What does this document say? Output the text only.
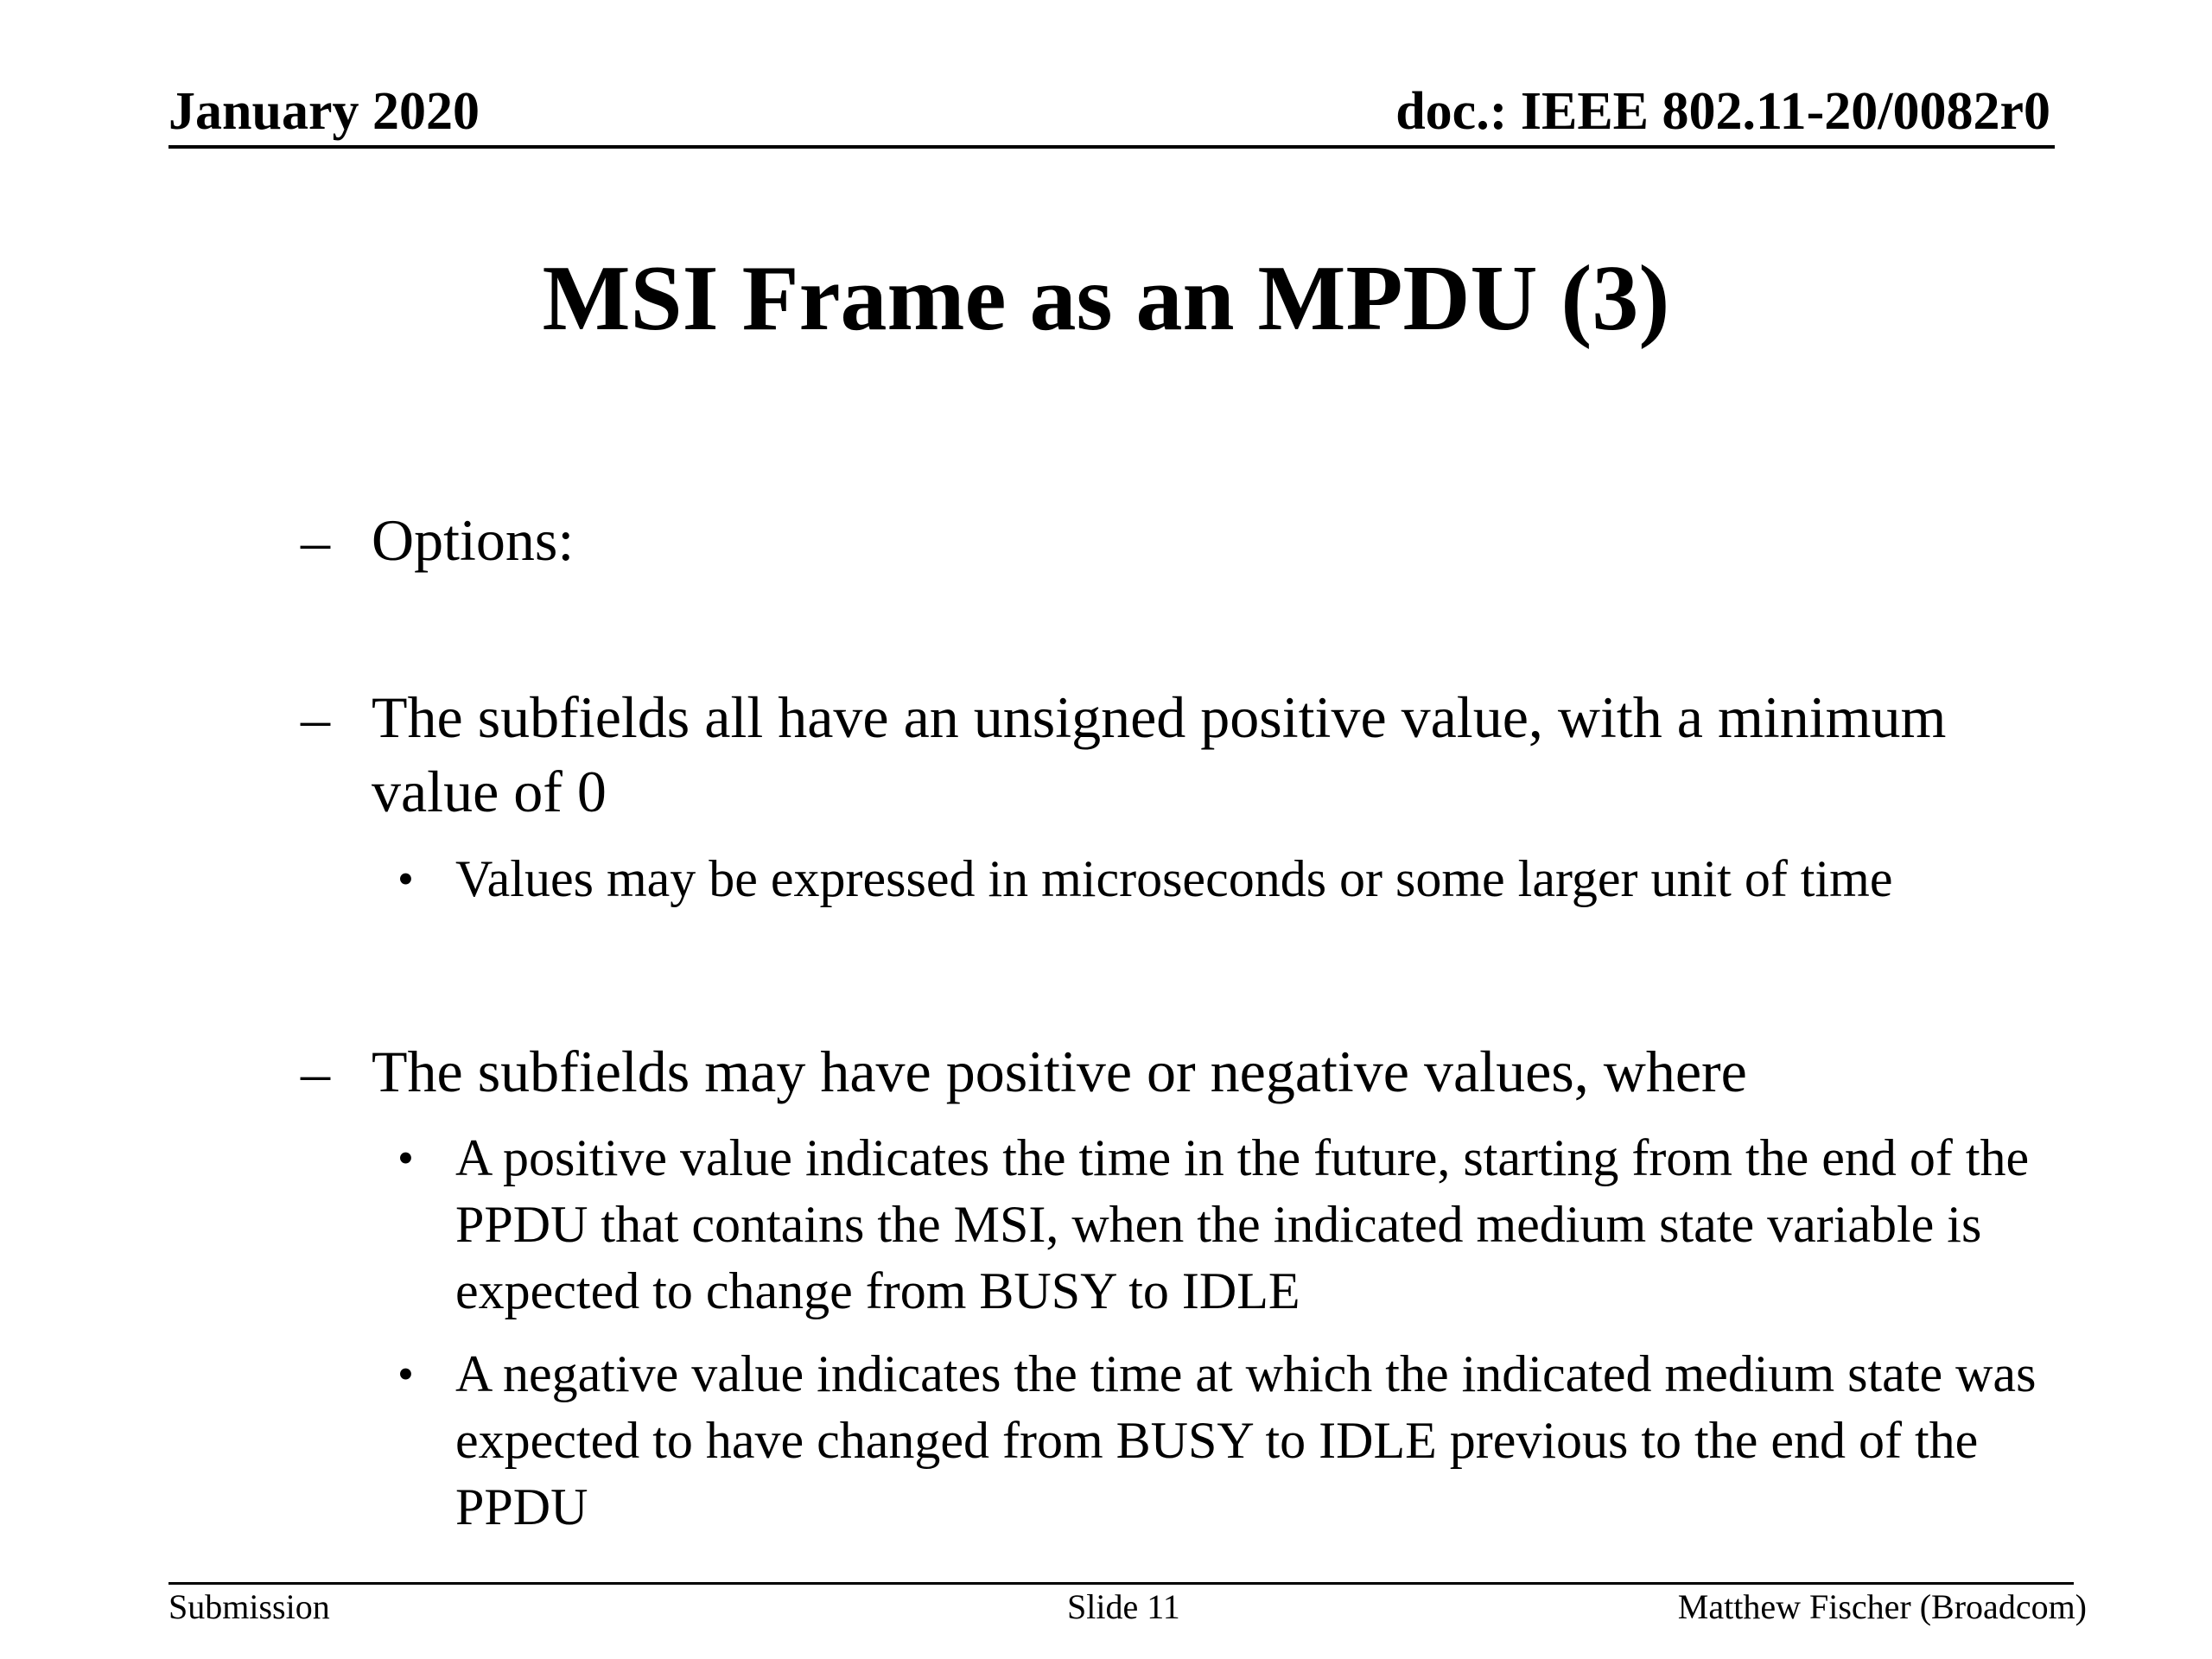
January 2020	doc.: IEEE 802.11-20/0082r0
MSI Frame as an MPDU (3)
– Options:
– The subfields all have an unsigned positive value, with a minimum value of 0
• Values may be expressed in microseconds or some larger unit of time
– The subfields may have positive or negative values, where
• A positive value indicates the time in the future, starting from the end of the PPDU that contains the MSI, when the indicated medium state variable is expected to change from BUSY to IDLE
• A negative value indicates the time at which the indicated medium state was expected to have changed from BUSY to IDLE previous to the end of the PPDU
Submission	Slide 11	Matthew Fischer (Broadcom)
